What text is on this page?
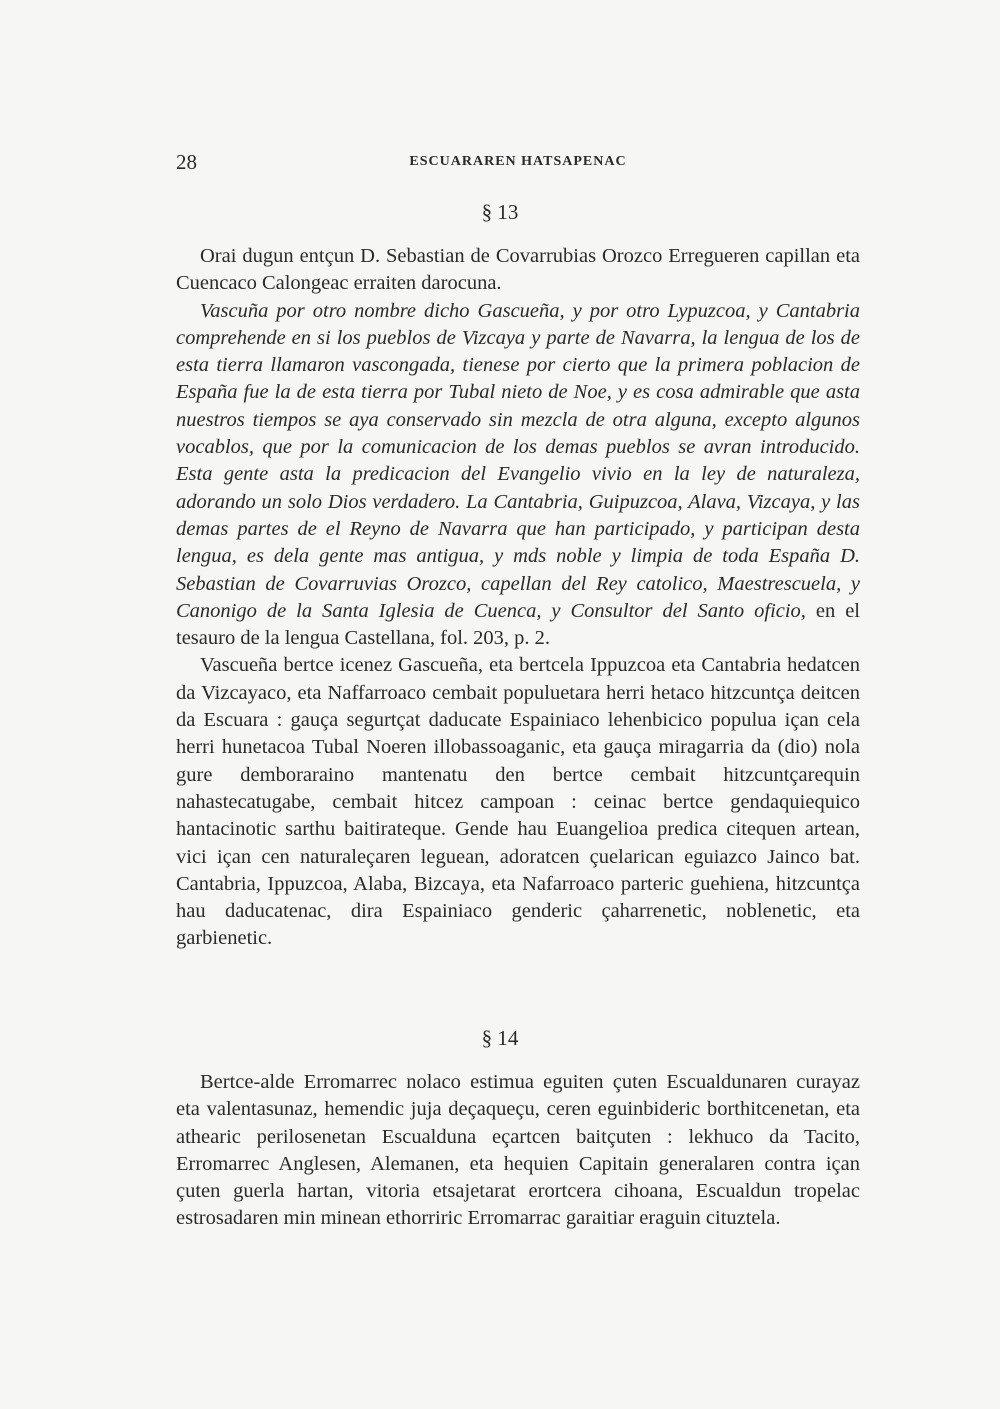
28	ESCUARAREN HATSAPENAC
§ 13

Orai dugun entçun D. Sebastian de Covarrubias Orozco Erregueren capillan eta Cuencaco Calongeac erraiten darocuna.

Vascuña por otro nombre dicho Gascueña, y por otro Lypuzcoa, y Cantabria comprehende en si los pueblos de Vizcaya y parte de Navarra, la lengua de los de esta tierra llamaron vascongada, tienese por cierto que la primera poblacion de España fue la de esta tierra por Tubal nieto de Noe, y es cosa admirable que asta nuestros tiempos se aya conservado sin mezcla de otra alguna, excepto algunos vocablos, que por la comunicacion de los demas pueblos se avran introducido. Esta gente asta la predicacion del Evangelio vivio en la ley de naturaleza, adorando un solo Dios verdadero. La Cantabria, Guipuzcoa, Alava, Vizcaya, y las demas partes de el Reyno de Navarra que han participado, y participan desta lengua, es dela gente mas antigua, y mds noble y limpia de toda España D. Sebastian de Covarruvias Orozco, capellan del Rey catolico, Maestrescuela, y Canonigo de la Santa Iglesia de Cuenca, y Consultor del Santo oficio, en el tesauro de la lengua Castellana, fol. 203, p. 2.

Vascueña bertce icenez Gascueña, eta bertcela Ippuzcoa eta Cantabria hedatcen da Vizcayaco, eta Naffarroaco cembait populuetara herri hetaco hitzcuntça deitcen da Escuara : gauça segurtçat daducate Espainiaco lehenbicico populua içan cela herri hunetacoa Tubal Noeren illobassoaganic, eta gauça miragarria da (dio) nola gure demboraraino mantenatu den bertce cembait hitzcuntçarequin nahastecatugabe, cembait hitcez campoan : ceinac bertce gendaquiequico hantacinotic sarthu baitirateque. Gende hau Euangelioa predica citequen artean, vici içan cen naturaleçaren leguean, adoratcen çuelarican eguiazco Jainco bat. Cantabria, Ippuzcoa, Alaba, Bizcaya, eta Nafarroaco parteric guehiena, hitzcuntça hau daducatenac, dira Espainiaco genderic çaharrenetic, noblenetic, eta garbienetic.

§ 14

Bertce-alde Erromarrec nolaco estimua eguiten çuten Escualdunaren curayaz eta valentasunaz, hemendic juja deçaqueçu, ceren eguinbideric borthitcenetan, eta athearic perilosenetan Escualduna eçartcen baitçuten : lekhuco da Tacito, Erromarrec Anglesen, Alemanen, eta hequien Capitain generalaren contra içan çuten guerla hartan, vitoria etsajetarat erortcera cihoana, Escualdun tropelac estrosadaren min minean ethorriric Erromarrac garaitiar eraguin cituztela.
